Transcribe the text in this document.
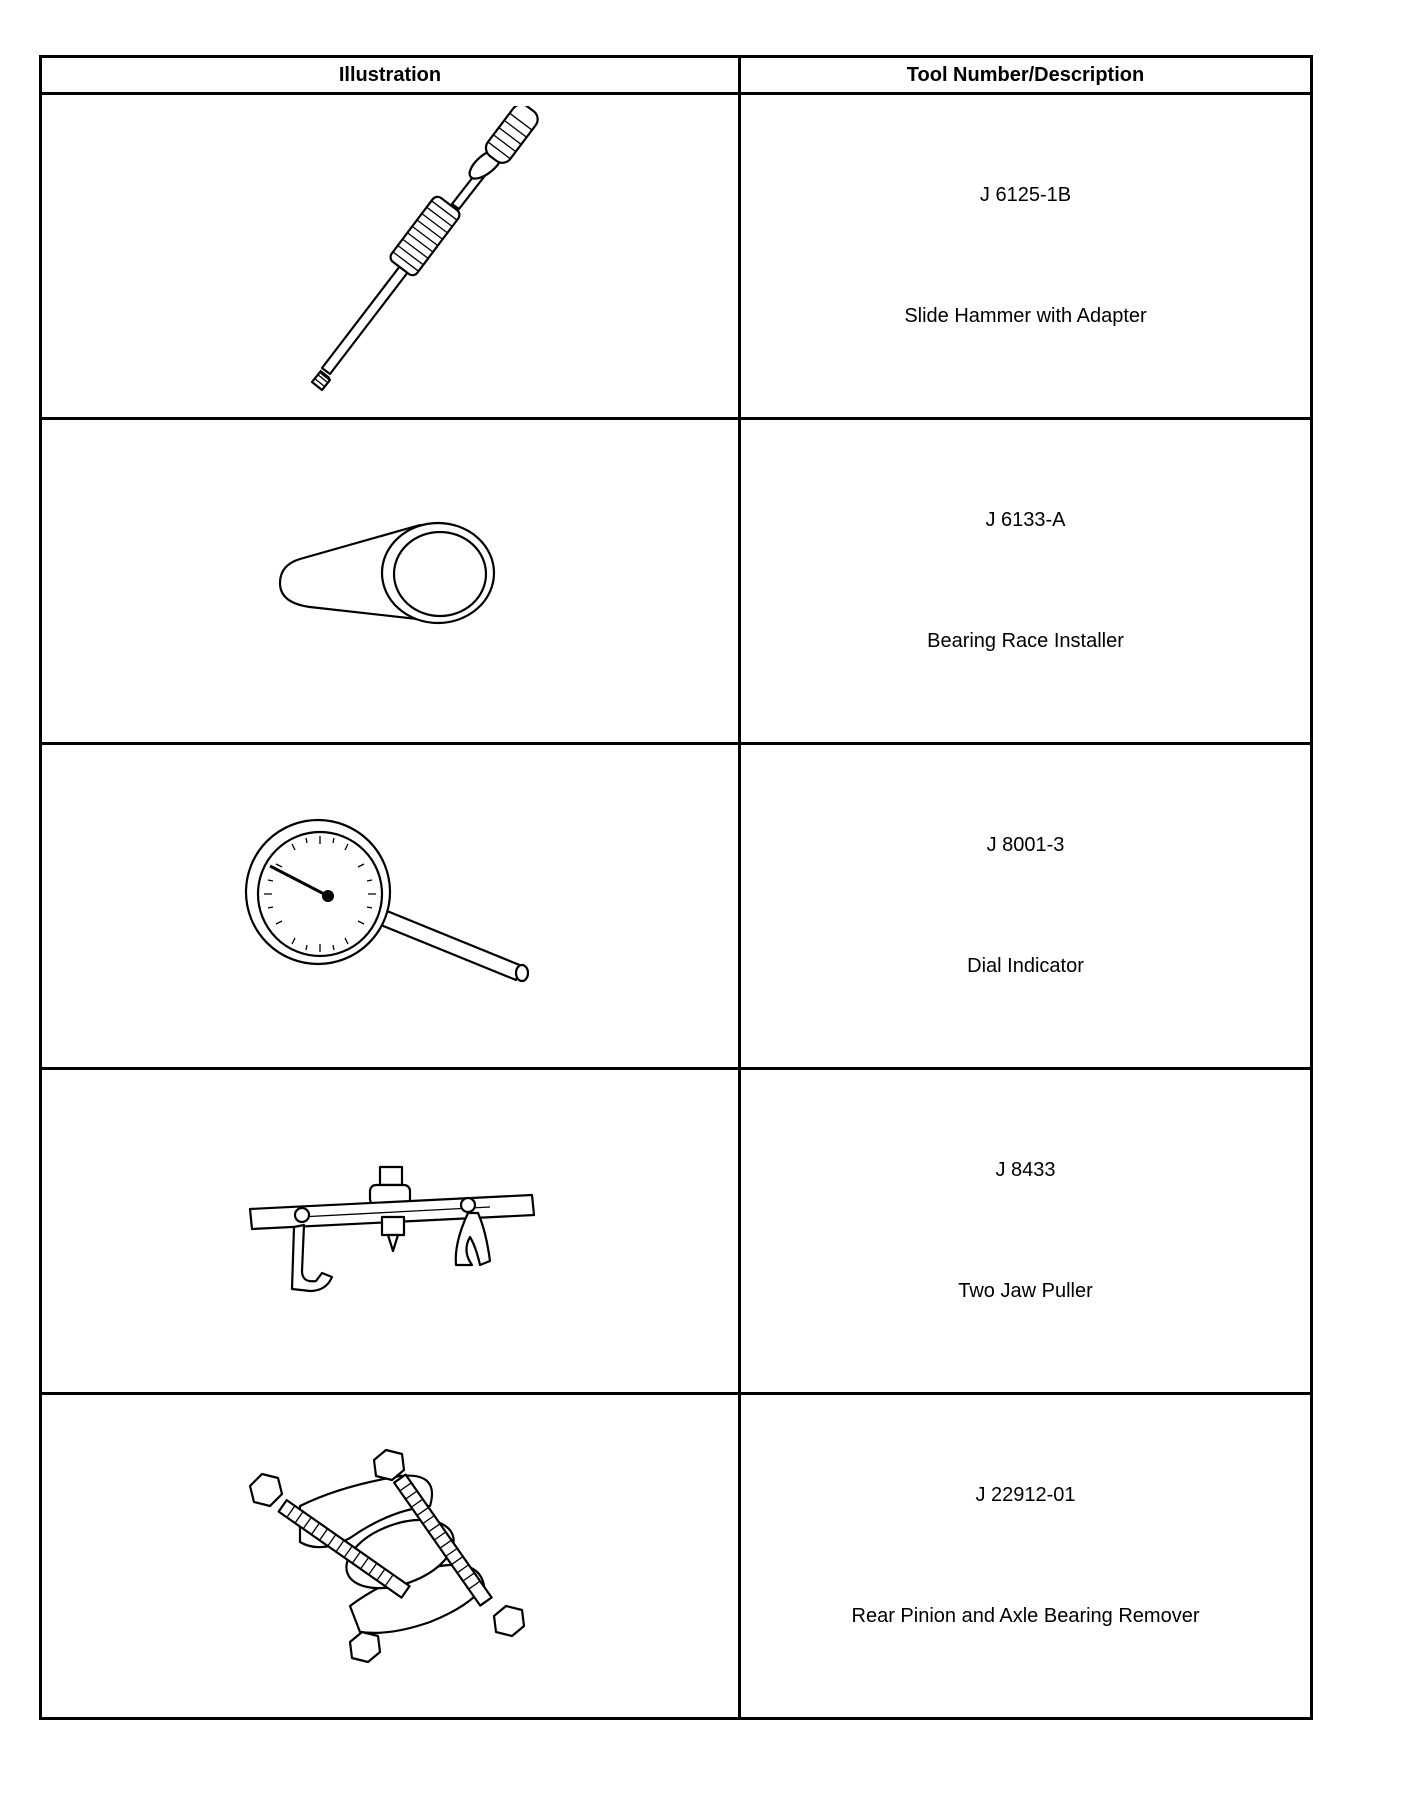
Illustration	Tool Number/Description

J 6125-1B
Slide Hammer with Adapter

J 6133-A
Bearing Race Installer

J 8001-3
Dial Indicator

J 8433
Two Jaw Puller

J 22912-01
Rear Pinion and Axle Bearing Remover
